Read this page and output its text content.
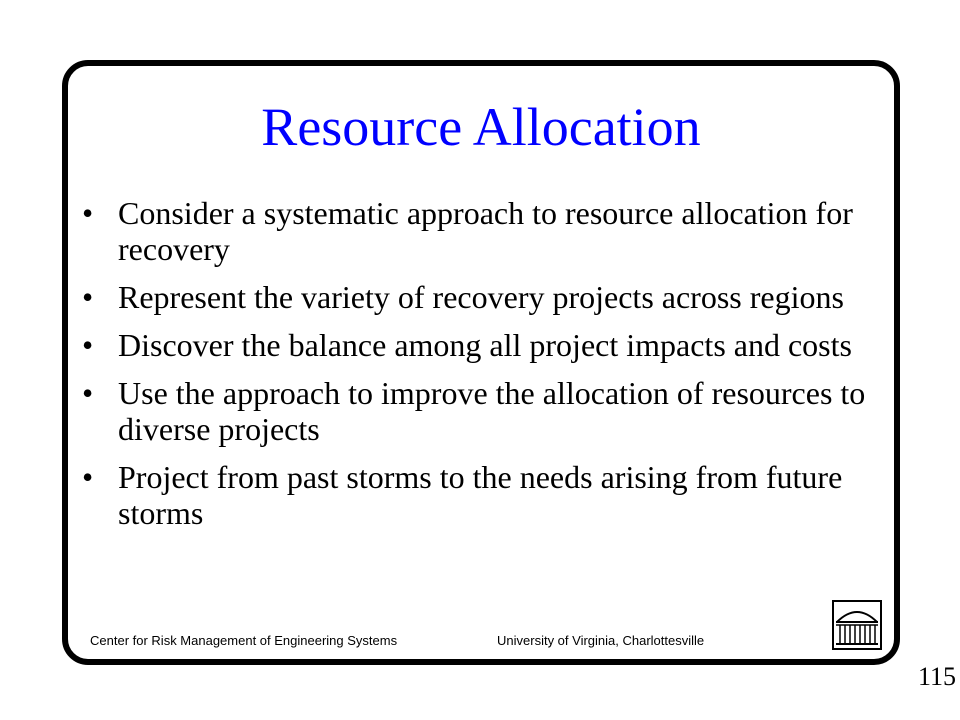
Resource Allocation
• Consider a systematic approach to resource allocation for recovery
• Represent the variety of recovery projects across regions
• Discover the balance among all project impacts and costs
• Use the approach to improve the allocation of resources to diverse projects
• Project from past storms to the needs arising from future storms
Center for Risk Management of Engineering Systems	University of Virginia, Charlottesville
115
